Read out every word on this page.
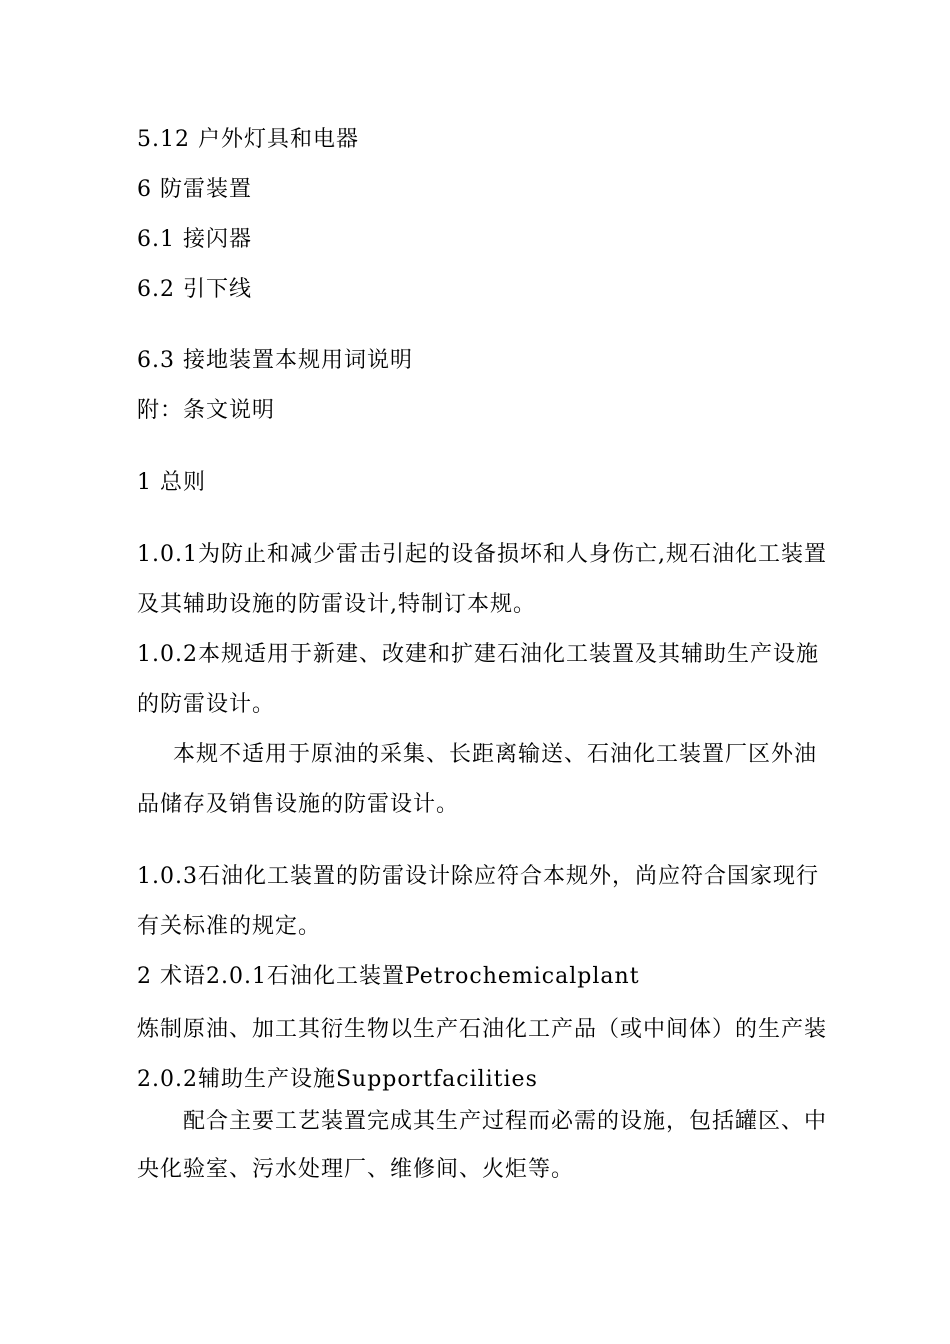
5.12 户外灯具和电器

6 防雷装置

6.1 接闪器

6.2 引下线

6.3 接地装置本规用词说明

附：条文说明

1 总则

1.0.1为防止和减少雷击引起的设备损坏和人身伤亡,规石油化工装置

及其辅助设施的防雷设计,特制订本规。

1.0.2本规适用于新建、改建和扩建石油化工装置及其辅助生产设施

的防雷设计。

本规不适用于原油的采集、长距离输送、石油化工装置厂区外油

品储存及销售设施的防雷设计。

1.0.3石油化工装置的防雷设计除应符合本规外，尚应符合国家现行

有关标准的规定。

2 术语2.0.1石油化工装置Petrochemicalplant

炼制原油、加工其衍生物以生产石油化工产品（或中间体）的生产装

2.0.2辅助生产设施Supportfacilities

配合主要工艺装置完成其生产过程而必需的设施，包括罐区、中

央化验室、污水处理厂、维修间、火炬等。
